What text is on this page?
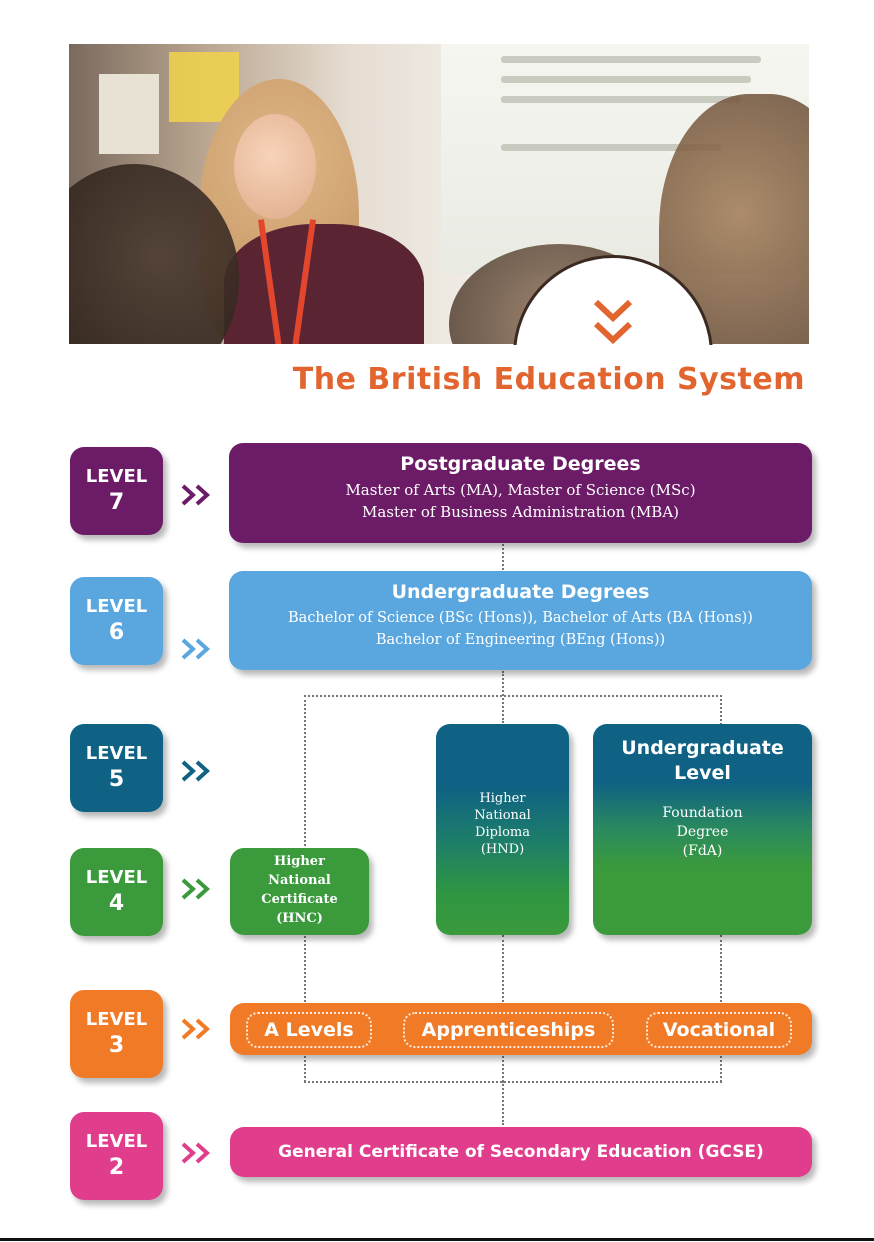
The British Education System
LEVEL
7
LEVEL
6
LEVEL
5
LEVEL
4
LEVEL
3
LEVEL
2
Postgraduate Degrees
Master of Arts (MA), Master of Science (MSc)
Master of Business Administration (MBA)
Undergraduate Degrees
Bachelor of Science (BSc (Hons)), Bachelor of Arts (BA (Hons))
Bachelor of Engineering (BEng (Hons))
Higher
National
Diploma
(HND)
Undergraduate
Level
Foundation
Degree
(FdA)
Higher
National
Certificate
(HNC)
A Levels	Apprenticeships	Vocational
General Certificate of Secondary Education (GCSE)
